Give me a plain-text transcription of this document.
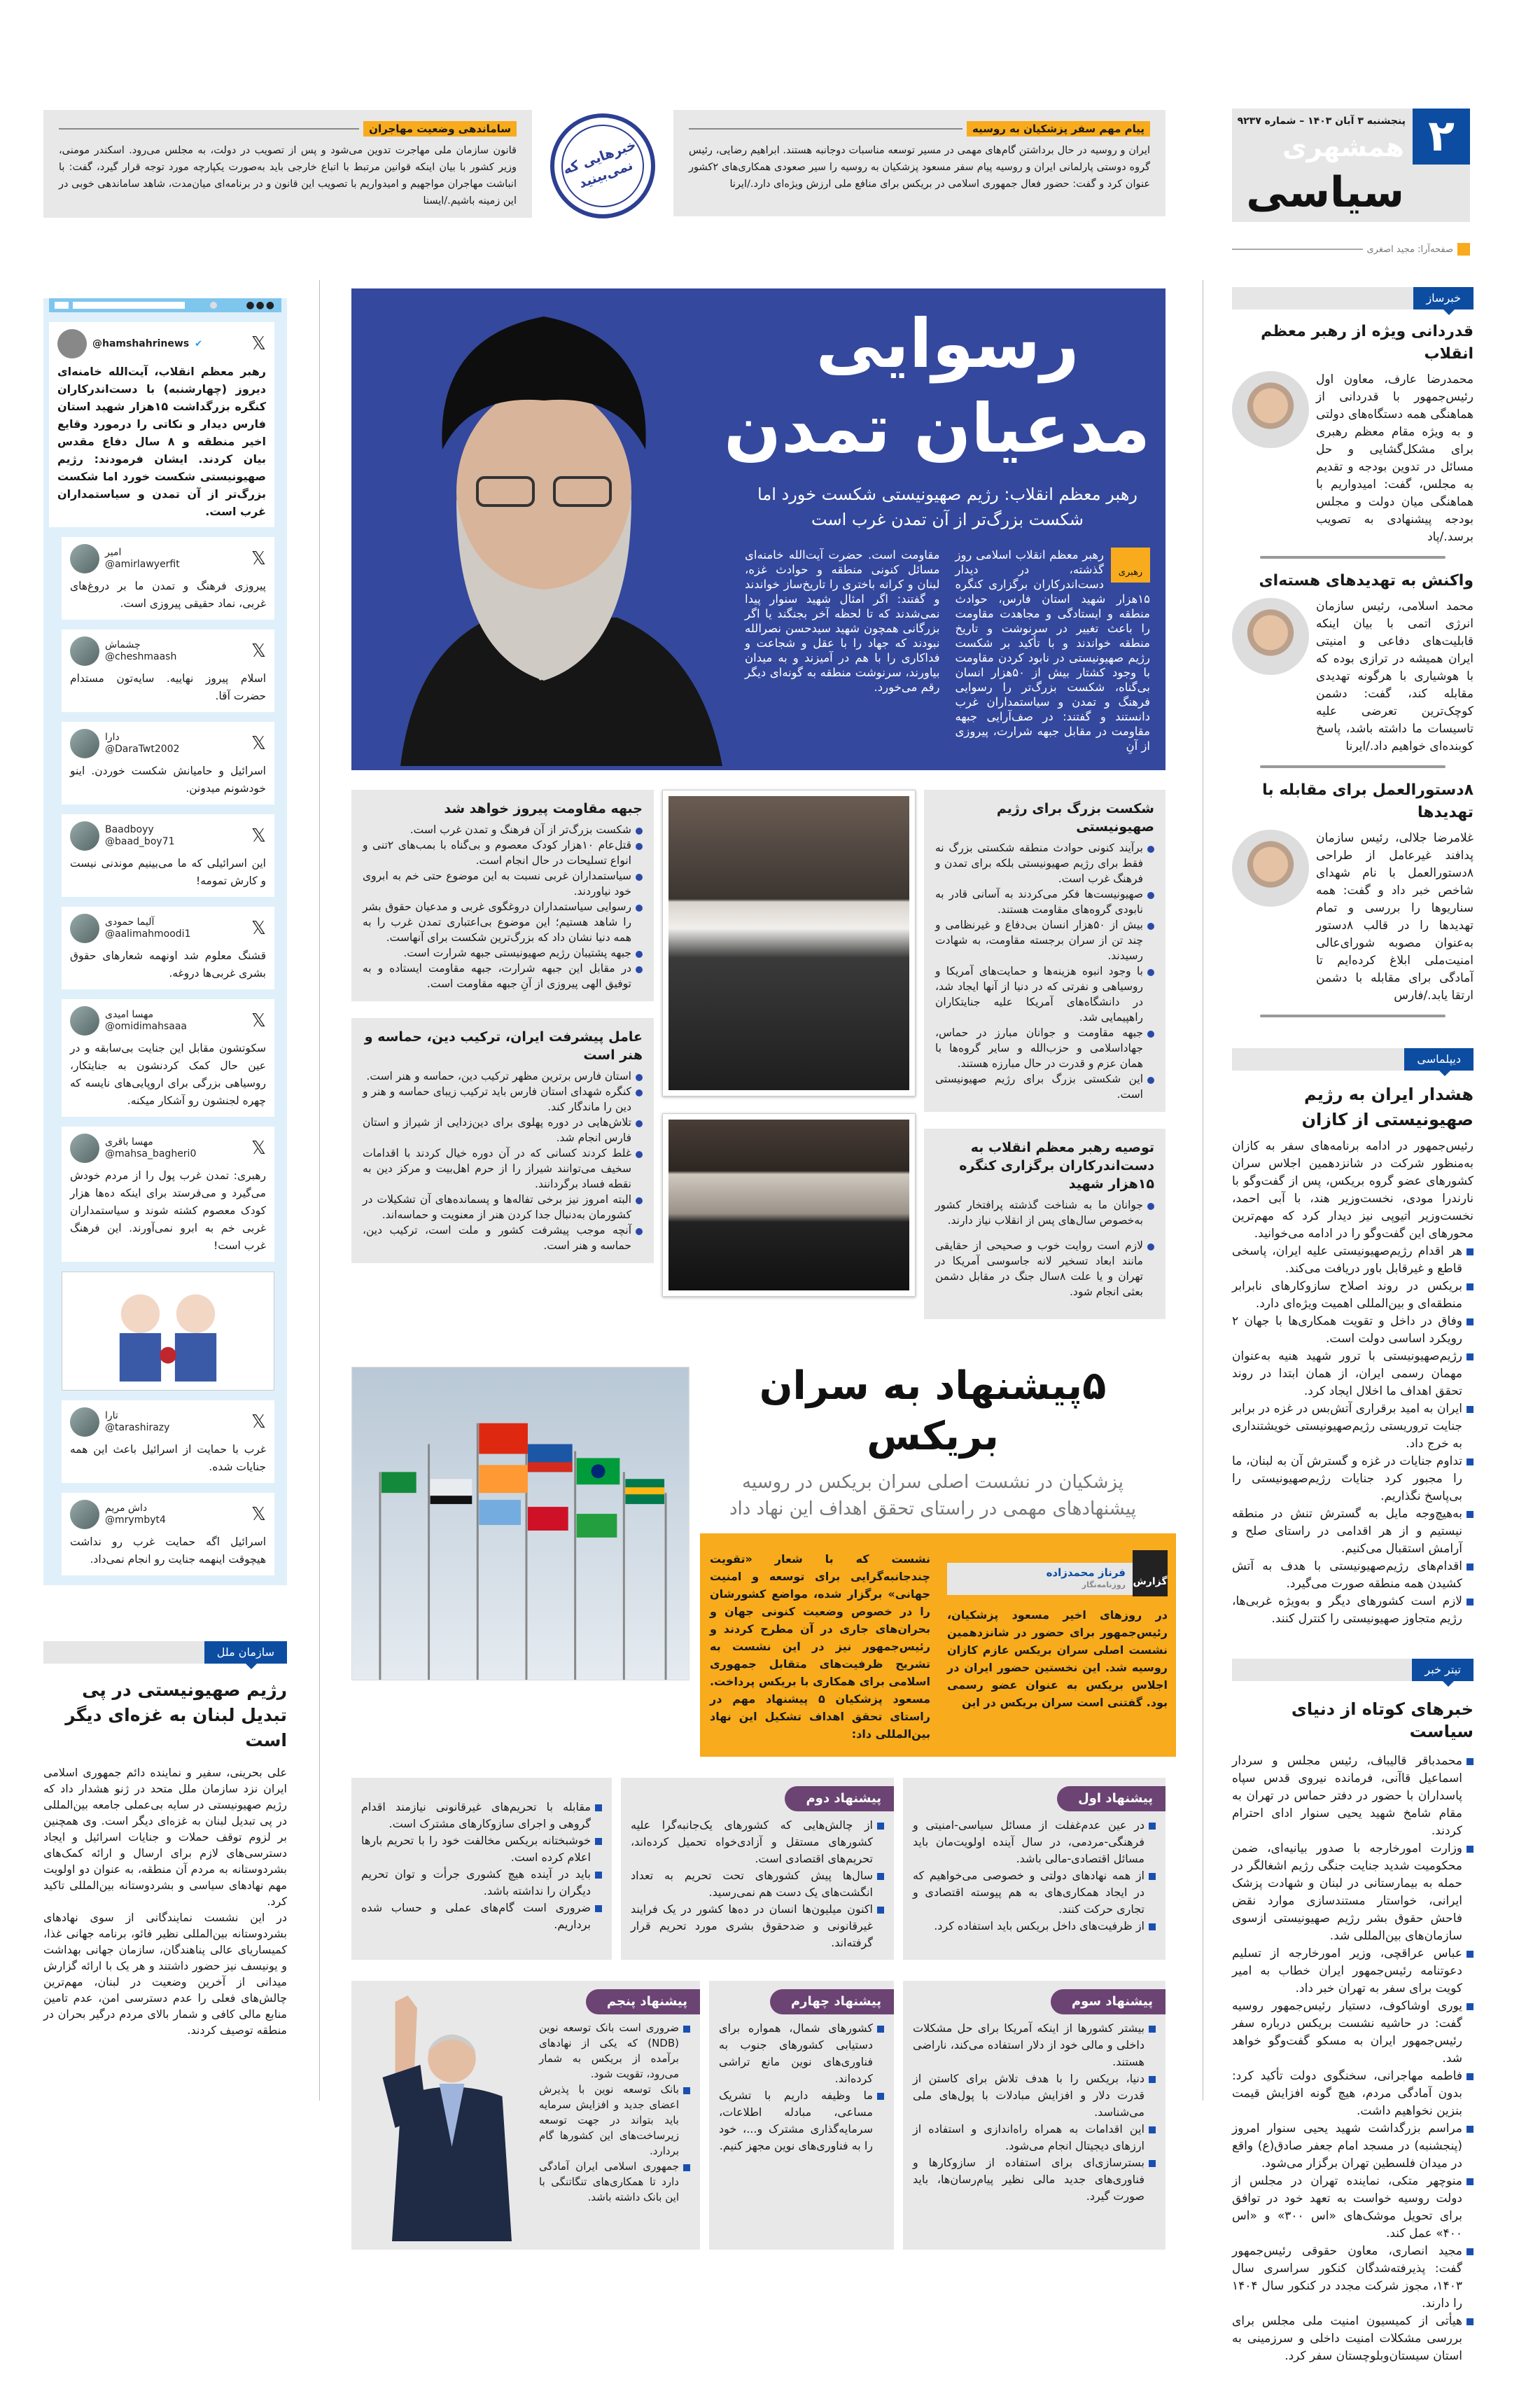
۲
پنجشنبه ۳ آبان ۱۴۰۳ – شماره ۹۲۳۷
همشهری
سیاسی
صفحه‌آرا: مجید اصغری
پیام مهم سفر پزشکیان به روسیه

ایران و روسیه در حال برداشتن گام‌های مهمی در مسیر توسعه مناسبات دوجانبه هستند. ابراهیم رضایی، رئیس گروه دوستی پارلمانی ایران و روسیه پیام سفر مسعود پزشکیان به روسیه را سیر صعودی همکاری‌های ۲کشور عنوان کرد و گفت: حضور فعال جمهوری اسلامی در بریکس برای منافع ملی ارزش ویژه‌ای دارد./ایرنا

خبرهایی که نمی‌بینید
ساماندهی وضعیت مهاجران

قانون سازمان ملی مهاجرت تدوین می‌شود و پس از تصویب در دولت، به مجلس می‌رود. اسکندر مومنی، وزیر کشور با بیان اینکه قوانین مرتبط با اتباع خارجی باید به‌صورت یکپارچه مورد توجه قرار گیرد، گفت: با انباشت مهاجران مواجهیم و امیدواریم با تصویب این قانون و در برنامه‌ای میان‌مدت، شاهد ساماندهی خوبی در این زمینه باشیم./ایسنا

خبرساز
قدردانی ویژه از رهبر معظم انقلاب
محمدرضا عارف، معاون اول رئیس‌جمهور با قدردانی از هماهنگی همه دستگاه‌های دولتی و به ویژه مقام معظم رهبری برای مشکل‌گشایی و حل مسائل در تدوین بودجه و تقدیم به مجلس، گفت: امیدواریم با هماهنگی میان دولت و مجلس بودجه پیشنهادی به تصویب برسد./پاد
واکنش به تهدیدهای هسته‌ای
محمد اسلامی، رئیس سازمان انرژی اتمی با بیان اینکه قابلیت‌های دفاعی و امنیتی ایران همیشه در ترازی بوده که با هوشیاری با هرگونه تهدیدی مقابله کند، گفت: دشمن کوچک‌ترین تعرضی علیه تاسیسات ما داشته باشد، پاسخ کوبنده‌ای خواهیم داد./ایرنا
۸دستورالعمل برای مقابله با تهدیدها
غلامرضا جلالی، رئیس سازمان پدافند غیرعامل از طراحی ۸دستورالعمل با نام شهدای شاخص خبر داد و گفت: همه سناریوها را بررسی و تمام تهدیدها را در قالب ۸دستور به‌عنوان مصوبه شورای‌عالی امنیت‌ملی ابلاغ کرده‌ایم تا آمادگی برای مقابله با دشمن ارتقا یابد./فارس
دیپلماسی
هشدار ایران به رژیم صهیونیستی از کازان

رئیس‌جمهور در ادامه برنامه‌های سفر به کازان به‌منظور شرکت در شانزدهمین اجلاس سران کشورهای عضو گروه بریکس، پس از گفت‌وگو با نارندرا مودی، نخست‌وزیر هند، با آبی احمد، نخست‌وزیر اتیوپی نیز دیدار کرد که مهم‌ترین محورهای این گفت‌وگو را در ادامه می‌خوانید.

هر اقدام رژیم‌صهیونیستی علیه ایران، پاسخی قاطع و غیرقابل باور دریافت می‌کند.
بریکس در روند اصلاح سازوکارهای نابرابر منطقه‌ای و بین‌المللی اهمیت ویژه‌ای دارد.
وفاق در داخل و تقویت همکاری‌ها با جهان ۲ رویکرد اساسی دولت است.
رژیم‌صهیونیستی با ترور شهید هنیه به‌عنوان مهمان رسمی ایران، از همان ابتدا در روند تحقق اهداف ما اخلال ایجاد کرد.
ایران به امید برقراری آتش‌بس در غزه در برابر جنایت تروریستی رژیم‌صهیونیستی خویشتنداری به خرج داد.
تداوم جنایات در غزه و گسترش آن به لبنان، ما را مجبور کرد جنایات رژیم‌صهیونیستی را بی‌پاسخ نگذاریم.
به‌هیچ‌وجه مایل به گسترش تنش در منطقه نیستیم و از هر اقدامی در راستای صلح و آرامش استقبال می‌کنیم.
اقدام‌های رژیم‌صهیونیستی با هدف به آتش کشیدن همه منطقه صورت می‌گیرد.
لازم است کشورهای دیگر و به‌ویژه غربی‌ها، رژیم متجاوز صهیونیستی را کنترل کنند.
تیتر خبر
خبرهای کوتاه از دنیای سیاست
محمدباقر قالیباف، رئیس مجلس و سردار اسماعیل قاآنی، فرمانده نیروی قدس سپاه پاسداران با حضور در دفتر حماس در تهران به مقام شامخ شهید یحیی سنوار ادای احترام کردند.
وزارت امورخارجه با صدور بیانیه‌ای، ضمن محکومیت شدید جنایت جنگی رژیم اشغالگر در حمله به بیمارستانی در لبنان و شهادت پزشک ایرانی، خواستار مستندسازی موارد نقض فاحش حقوق بشر رژیم صهیونیستی ازسوی سازمان‌های بین‌المللی شد.
عباس عراقچی، وزیر امورخارجه از تسلیم دعوتنامه رئیس‌جمهور ایران خطاب به امیر کویت برای سفر به تهران خبر داد.
یوری اوشاکوف، دستیار رئیس‌جمهور روسیه گفت: در حاشیه نشست بریکس درباره سفر رئیس‌جمهور ایران به مسکو گفت‌وگو خواهد شد.
فاطمه مهاجرانی، سخنگوی دولت تأکید کرد: بدون آمادگی مردم، هیچ گونه افزایش قیمت بنزین نخواهیم داشت.
مراسم بزرگداشت شهید یحیی سنوار امروز (پنجشنبه) در مسجد امام جعفر صادق(ع) واقع در میدان فلسطین تهران برگزار می‌شود.
منوچهر متکی، نماینده تهران در مجلس از دولت روسیه خواست به تعهد خود در توافق برای تحویل موشک‌های «اس ۳۰۰» و «اس ۴۰۰» عمل کند.
مجید انصاری، معاون حقوقی رئیس‌جمهور گفت: پذیرفته‌شدگان کنکور سراسری سال ۱۴۰۳، مجوز شرکت مجدد در کنکور سال ۱۴۰۴ را دارند.
هیأتی از کمیسیون امنیت ملی مجلس برای بررسی مشکلات امنیت داخلی و سرزمینی به استان سیستان‌وبلوچستان سفر کرد.
رسوایی
مدعیان تمدن
رهبر معظم انقلاب: رژیم صهیونیستی شکست خورد اما شکست بزرگ‌تر از آن تمدن غرب است
رهبری
رهبر معظم انقلاب اسلامی روز گذشته، در دیدار دست‌اندرکاران برگزاری کنگره ۱۵هزار شهید استان فارس، حوادث منطقه و ایستادگی و مجاهدت مقاومت را باعث تغییر در سرنوشت و تاریخ منطقه خواندند و با تأکید بر شکست رژیم صهیونیستی در نابود کردن مقاومت با وجود کشتار بیش از ۵۰هزار انسان بی‌گناه، شکست بزرگ‌تر را رسوایی فرهنگ و تمدن و سیاستمداران غرب دانستند و گفتند: در صف‌آرایی جبهه مقاومت در مقابل جبهه شرارت، پیروزی از آنِ
مقاومت است. حضرت آیت‌الله خامنه‌ای مسائل کنونی منطقه و حوادث غزه، لبنان و کرانه باختری را تاریخ‌ساز خواندند و گفتند: اگر امثال شهید سنوار پیدا نمی‌شدند که تا لحظه آخر بجنگند یا اگر بزرگانی همچون شهید سیدحسن نصرالله نبودند که جهاد را با عقل و شجاعت و فداکاری را با هم در آمیزند و به میدان بیاورند، سرنوشت منطقه به گونه‌ای دیگر رقم می‌خورد.
شکست بزرگ برای رژیم صهیونیستی
برآیند کنونی حوادث منطقه شکستی بزرگ نه فقط برای رژیم صهیونیستی بلکه برای تمدن و فرهنگ غرب است.
صهیونیست‌ها فکر می‌کردند به آسانی قادر به نابودی گروه‌های مقاومت هستند.
بیش از ۵۰هزار انسان بی‌دفاع و غیرنظامی و چند تن از سران برجسته مقاومت، به شهادت رسیدند.
با وجود انبوه هزینه‌ها و حمایت‌های آمریکا و روسیاهی و نفرتی که در دنیا از آنها ایجاد شد، در دانشگاه‌های آمریکا علیه جنایتکاران راهپیمایی شد.
جبهه مقاومت و جوانان مبارز در حماس، جهاداسلامی و حزب‌الله و سایر گروه‌ها با همان عزم و قدرت در حال مبارزه هستند.
این شکستی بزرگ برای رژیم صهیونیستی است.
توصیه رهبر معظم انقلاب به دست‌اندرکاران برگزاری کنگره ۱۵هزار شهید
جوانان ما به شناخت گذشته پرافتخار کشور به‌خصوص سال‌های پس از انقلاب نیاز دارند.
لازم است روایت خوب و صحیحی از حقایقی مانند ابعاد تسخیر لانه جاسوسی آمریکا در تهران و یا علت ۸سال جنگ در مقابل دشمن بعثی انجام شود.
جبهه مقاومت پیروز خواهد شد
شکست بزرگ‌تر از آن فرهنگ و تمدن غرب است.
قتل‌عام ۱۰هزار کودک معصوم و بی‌گناه با بمب‌های ۲تنی و انواع تسلیحات در حال انجام است.
سیاستمداران غربی نسبت به این موضوع حتی خم به ابروی خود نیاوردند.
رسوایی سیاستمداران دروغگوی غربی و مدعیان حقوق بشر را شاهد هستیم؛ این موضوع بی‌اعتباری تمدن غرب را به همه دنیا نشان داد که بزرگ‌ترین شکست برای آنهاست.
جبهه پشتیبان رژیم صهیونیستی جبهه شرارت است.
در مقابل این جبهه شرارت، جبهه مقاومت ایستاده و به توفیق الهی پیروزی از آنِ جبهه مقاومت است.
عامل پیشرفت ایران، ترکیب دین، حماسه و هنر است
استان فارس برترین مظهر ترکیب دین، حماسه و هنر است.
کنگره شهدای استان فارس باید ترکیب زیبای حماسه و هنر و دین را ماندگار کند.
تلاش‌هایی در دوره پهلوی برای دین‌زدایی از شیراز و استان فارس انجام شد.
غلط کردند کسانی که در آن دوره خیال کردند با اقدامات سخیف می‌توانند شیراز را از حرم اهل‌بیت و مرکز دین به نقطه فساد برگردانند.
البته امروز نیز برخی تفاله‌ها و پسمانده‌های آن تشکیلات در کشورمان به‌دنبال جدا کردن هنر از معنویت و حماسه‌اند.
آنچه موجب پیشرفت کشور و ملت است، ترکیب دین، حماسه و هنر است.
۵پیشنهاد به سران بریکس
پزشکیان در نشست اصلی سران بریکس در روسیه پیشنهادهای مهمی در راستای تحقق اهداف این نهاد داد
گزارش
فرناز محمدزاده
روزنامه‌نگار
در روزهای اخیر مسعود پزشکیان، رئیس‌جمهور برای حضور در شانزدهمین نشست اصلی سران بریکس عازم کازان روسیه شد. این نخستین حضور ایران در اجلاس بریکس به عنوان عضو رسمی بود. گفتنی است سران بریکس در این
نشست که با شعار «تقویت چندجانبه‌گرایی برای توسعه و امنیت جهانی» برگزار شده، مواضع کشورشان را در خصوص وضعیت کنونی جهان و بحران‌های جاری در آن مطرح کردند و رئیس‌جمهور نیز در این نشست به تشریح ظرفیت‌های متقابل جمهوری اسلامی برای همکاری با بریکس پرداخت. مسعود پزشکیان ۵ پیشنهاد مهم در راستای تحقق اهداف تشکیل این نهاد بین‌المللی داد:
پیشنهاد اول
در عین عدم‌غفلت از مسائل سیاسی-امنیتی و فرهنگی-مردمی، در سال آینده اولویت‌مان باید مسائل اقتصادی-مالی باشد.
از همه نهادهای دولتی و خصوصی می‌خواهیم که در ایجاد همکاری‌های به هم پیوسته اقتصادی و تجاری حرکت کنند.
از ظرفیت‌های داخل بریکس باید استفاده کرد.
پیشنهاد دوم
از چالش‌هایی که کشورهای یک‌جانبه‌گرا علیه کشورهای مستقل و آزادی‌خواه تحمیل کرده‌اند، تحریم‌های اقتصادی است.
سال‌ها پیش کشورهای تحت تحریم به تعداد انگشت‌های یک دست هم نمی‌رسید.
اکنون میلیون‌ها انسان در ده‌ها کشور در یک فرایند غیرقانونی و ضدحقوق بشری مورد تحریم قرار گرفته‌اند.
مقابله با تحریم‌های غیرقانونی نیازمند اقدام گروهی و اجرای سازوکارهای مشترک است.
خوشبختانه بریکس مخالفت خود را با تحریم بارها اعلام کرده است.
باید در آینده هیچ کشوری جرأت و توان تحریم دیگران را نداشته باشد.
ضروری است گام‌های عملی و حساب شده برداریم.
پیشنهاد سوم
بیشتر کشورها از اینکه آمریکا برای حل مشکلات داخلی و مالی خود از دلار استفاده می‌کند، ناراضی هستند.
دنیا، بریکس را با هدف تلاش برای کاستن از قدرت دلار و افزایش مبادلات با پول‌های ملی می‌شناسد.
این اقدامات به همراه راه‌اندازی و استفاده از ارزهای دیجیتال انجام می‌شود.
بسترسازی‌ای برای استفاده از سازوکارها و فناوری‌های جدید مالی نظیر پیام‌رسان‌ها، باید صورت گیرد.
پیشنهاد چهارم
کشورهای شمال، همواره برای دستیابی کشورهای جنوب به فناوری‌های نوین مانع تراشی کرده‌اند.
ما وظیفه داریم با تشریک مساعی، مبادله اطلاعات، سرمایه‌گذاری مشترک و...، خود را به فناوری‌های نوین مجهز کنیم.
پیشنهاد پنجم
ضروری است بانک توسعه نوین (NDB) که یکی از نهادهای برآمده از بریکس به شمار می‌رود، تقویت شود.
بانک توسعه نوین با پذیرش اعضای جدید و افزایش سرمایه باید بتواند در جهت توسعه زیرساخت‌های این کشورها گام بردارد.
جمهوری اسلامی ایران آمادگی دارد تا همکاری‌های تنگاتنگی با این بانک داشته باشد.
●●●
@hamshahrinews ✔	𝕏
رهبر معظم انقلاب، آیت‌الله خامنه‌ای دیروز (چهارشنبه) با دست‌اندرکاران کنگره بزرگداشت ۱۵هزار شهید استان فارس دیدار و نکاتی را درمورد وقایع اخیر منطقه و ۸ سال دفاع مقدس بیان کردند. ایشان فرمودند: رژیم صهیونیستی شکست خورد اما شکست بزرگ‌تر از آن تمدن و سیاستمداران غرب است.
امیر
@amirlawyerfit	𝕏
پیروزی فرهنگ و تمدن ما بر دروغ‌های غربی، نماد حقیقی پیروزی است.
چشماش
@cheshmaash	𝕏
اسلام پیروز نهاییه. سایه‌تون مستدام حضرت آقا.
دارا
@DaraTwt2002	𝕏
اسرائیل و حامیانش شکست خوردن. اینو خودشونم میدونن.
Baadboyy
@baad_boy71	𝕏
این اسرائیلی که ما می‌بینیم موندنی نیست و کارش تمومه!
آلیما حمودی
@aalimahmoodi1	𝕏
قشنگ معلوم شد اونهمه شعارهای حقوق بشری غربی‌ها دروغه.
مهسا امیدی
@omidimahsaaa	𝕏
سکوتشون مقابل این جنایت بی‌سابقه و در عین حال کمک کردنشون به جنایتکار، روسیاهی بزرگی برای اروپایی‌های نایسه که چهره لجنشون رو آشکار میکنه.
مهسا باقری
@mahsa_bagheri0	𝕏
رهبری: تمدن غرب پول را از مردم خودش می‌گیرد و می‌فرستد برای اینکه ده‌ها هزار کودک معصوم کشته شوند و سیاستمداران غربی خم به ابرو نمی‌آورند. این فرهنگ غرب است!
تارا
@tarashirazy	𝕏
غرب با حمایت از اسرائیل باعث این همه جنایات شده.
داش مریم
@mrymbyt4	𝕏
اسرائیل اگه حمایت غرب رو نداشت هیچوقت اینهمه جنایت رو انجام نمی‌داد.
سازمان ملل
رژیم صهیونیستی در پی تبدیل لبنان به غزه‌ای دیگر است

علی بحرینی، سفیر و نماینده دائم جمهوری اسلامی ایران نزد سازمان ملل متحد در ژنو هشدار داد که رژیم صهیونیستی در سایه بی‌عملی جامعه بین‌المللی در پی تبدیل لبنان به غزه‌ای دیگر است. وی همچنین بر لزوم توقف حملات و جنایات اسرائیل و ایجاد دسترسی‌های لازم برای ارسال و ارائه کمک‌های بشردوستانه به مردم آن منطقه، به عنوان دو اولویت مهم نهادهای سیاسی و بشردوستانه بین‌المللی تاکید کرد.

در این نشست نمایندگانی از سوی نهادهای بشردوستانه بین‌المللی نظیر فائو، برنامه جهانی غذا، کمیساریای عالی پناهندگان، سازمان جهانی بهداشت و یونیسف نیز حضور داشتند و هر یک با ارائه گزارش میدانی از آخرین وضعیت در لبنان، مهم‌ترین چالش‌های فعلی را عدم دسترسی امن، عدم تامین منابع مالی کافی و شمار بالای مردم درگیر بحران در منطقه توصیف کردند.
